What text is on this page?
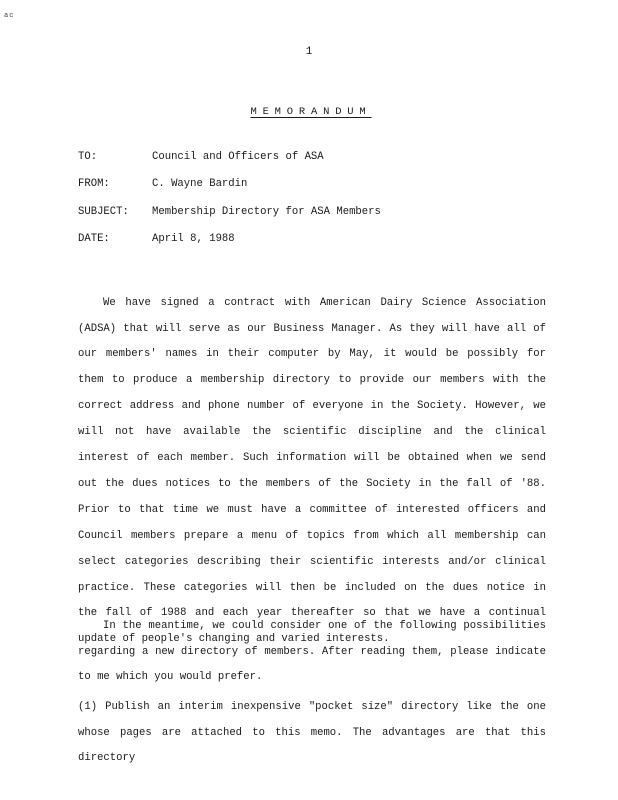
ac
1
MEMORANDUM
TO:	Council and Officers of ASA
FROM:	C. Wayne Bardin
SUBJECT:	Membership Directory for ASA Members
DATE:	April 8, 1988

We have signed a contract with American Dairy Science Association (ADSA) that will serve as our Business Manager. As they will have all of our members' names in their computer by May, it would be possibly for them to produce a membership directory to provide our members with the correct address and phone number of everyone in the Society. However, we will not have available the scientific discipline and the clinical interest of each member. Such information will be obtained when we send out the dues notices to the members of the Society in the fall of '88. Prior to that time we must have a committee of interested officers and Council members prepare a menu of topics from which all membership can select categories describing their scientific interests and/or clinical practice. These categories will then be included on the dues notice in the fall of 1988 and each year thereafter so that we have a continual update of people's changing and varied interests.

In the meantime, we could consider one of the following possibilities regarding a new directory of members. After reading them, please indicate to me which you would prefer.

(1) Publish an interim inexpensive "pocket size" directory like the one whose pages are attached to this memo. The advantages are that this directory
